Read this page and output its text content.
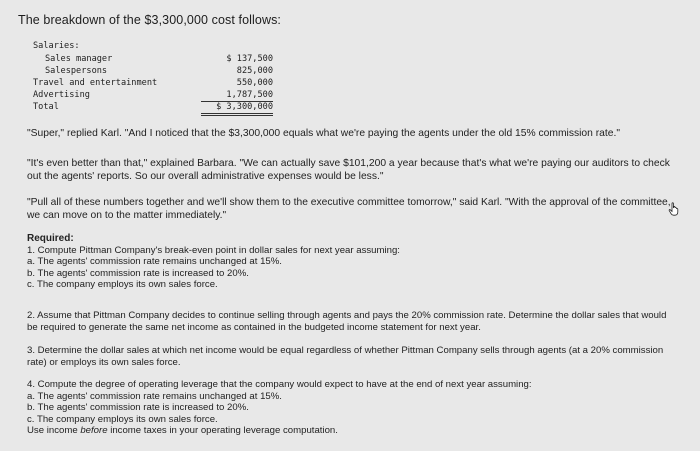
The breakdown of the $3,300,000 cost follows:
Salaries:
Sales manager	$ 137,500
Salespersons	825,000
Travel and entertainment	550,000
Advertising	1,787,500
Total	$ 3,300,000
"Super," replied Karl. "And I noticed that the $3,300,000 equals what we're paying the agents under the old 15% commission rate."
"It's even better than that," explained Barbara. "We can actually save $101,200 a year because that's what we're paying our auditors to check out the agents' reports. So our overall administrative expenses would be less."
"Pull all of these numbers together and we'll show them to the executive committee tomorrow," said Karl. "With the approval of the committee, we can move on to the matter immediately."
Required:
1. Compute Pittman Company's break-even point in dollar sales for next year assuming:
a. The agents' commission rate remains unchanged at 15%.
b. The agents' commission rate is increased to 20%.
c. The company employs its own sales force.
2. Assume that Pittman Company decides to continue selling through agents and pays the 20% commission rate. Determine the dollar sales that would be required to generate the same net income as contained in the budgeted income statement for next year.
3. Determine the dollar sales at which net income would be equal regardless of whether Pittman Company sells through agents (at a 20% commission rate) or employs its own sales force.
4. Compute the degree of operating leverage that the company would expect to have at the end of next year assuming:
a. The agents' commission rate remains unchanged at 15%.
b. The agents' commission rate is increased to 20%.
c. The company employs its own sales force.
Use income before income taxes in your operating leverage computation.
